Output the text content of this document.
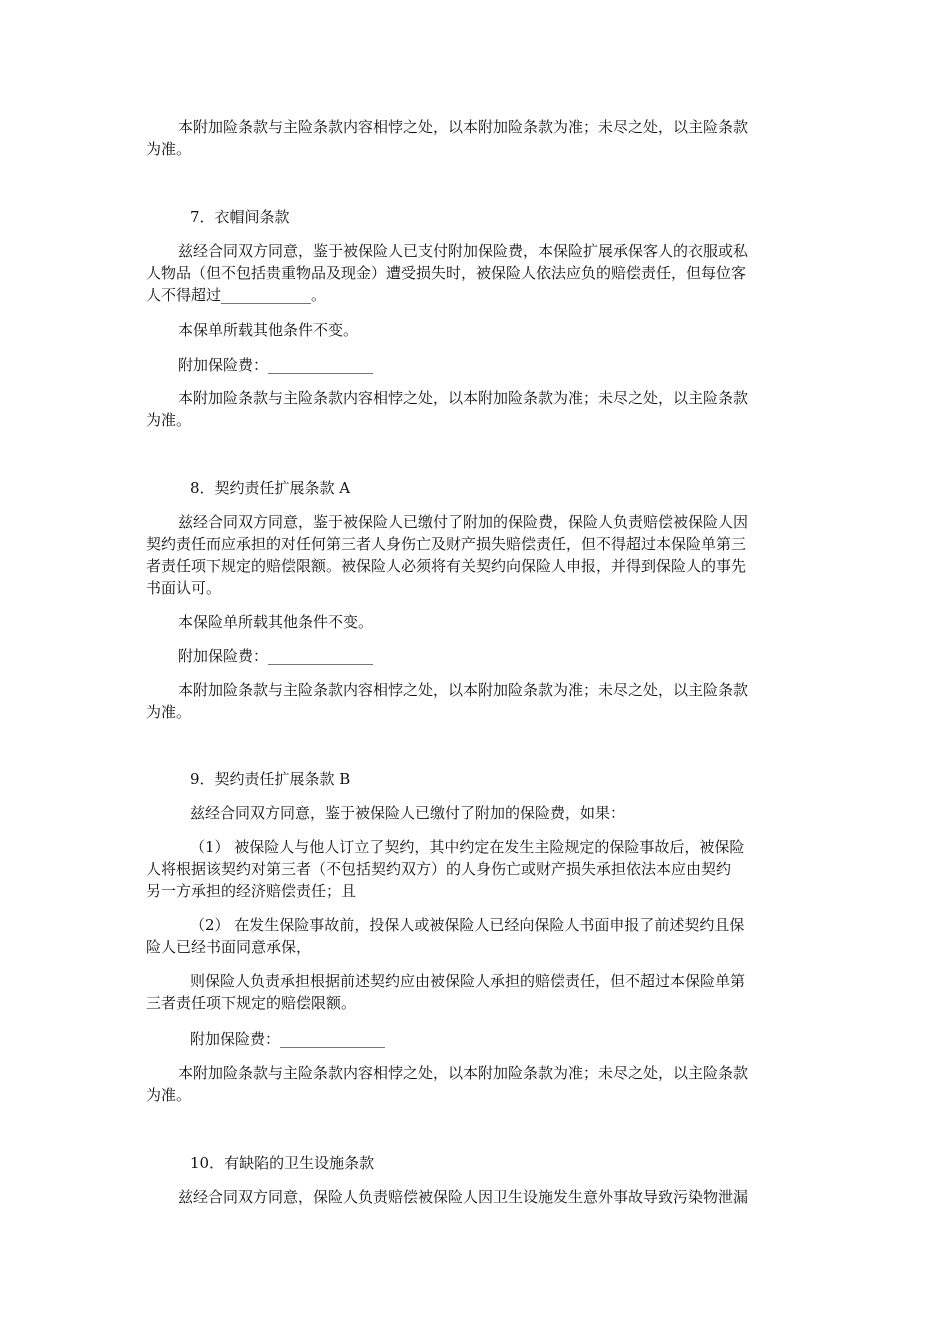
本附加险条款与主险条款内容相悖之处，以本附加险条款为准；未尽之处，以主险条款
为准。
7．衣帽间条款
兹经合同双方同意，鉴于被保险人已支付附加保险费，本保险扩展承保客人的衣服或私
人物品（但不包括贵重物品及现金）遭受损失时，被保险人依法应负的赔偿责任，但每位客
人不得超过____________。
本保单所载其他条件不变。
附加保险费：______________
本附加险条款与主险条款内容相悖之处，以本附加险条款为准；未尽之处，以主险条款
为准。
8．契约责任扩展条款 A
兹经合同双方同意，鉴于被保险人已缴付了附加的保险费，保险人负责赔偿被保险人因
契约责任而应承担的对任何第三者人身伤亡及财产损失赔偿责任，但不得超过本保险单第三
者责任项下规定的赔偿限额。被保险人必须将有关契约向保险人申报，并得到保险人的事先
书面认可。
本保险单所载其他条件不变。
附加保险费：______________
本附加险条款与主险条款内容相悖之处，以本附加险条款为准；未尽之处，以主险条款
为准。
9．契约责任扩展条款 B
兹经合同双方同意，鉴于被保险人已缴付了附加的保险费，如果：
（1） 被保险人与他人订立了契约，其中约定在发生主险规定的保险事故后，被保险
人将根据该契约对第三者（不包括契约双方）的人身伤亡或财产损失承担依法本应由契约
另一方承担的经济赔偿责任；且
（2） 在发生保险事故前，投保人或被保险人已经向保险人书面申报了前述契约且保
险人已经书面同意承保，
则保险人负责承担根据前述契约应由被保险人承担的赔偿责任，但不超过本保险单第
三者责任项下规定的赔偿限额。
附加保险费：______________
本附加险条款与主险条款内容相悖之处，以本附加险条款为准；未尽之处，以主险条款
为准。
10．有缺陷的卫生设施条款
兹经合同双方同意，保险人负责赔偿被保险人因卫生设施发生意外事故导致污染物泄漏
